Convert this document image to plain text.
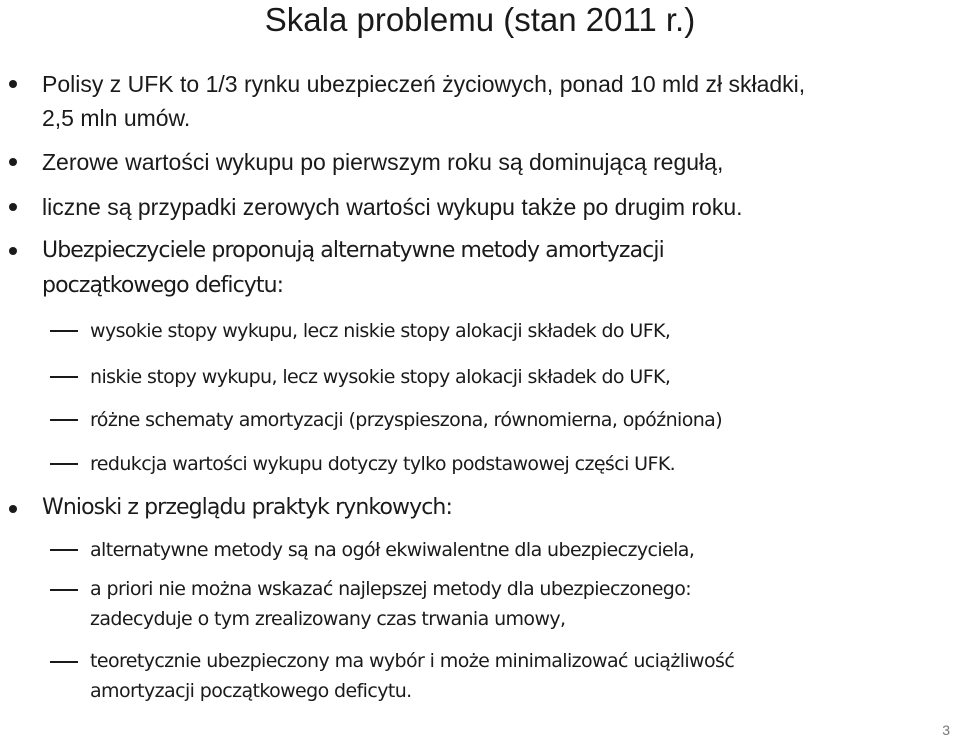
Skala problemu (stan 2011 r.)
Polisy z UFK to 1/3 rynku ubezpieczeń życiowych, ponad 10 mld zł składki,
2,5 mln umów.
Zerowe wartości wykupu po pierwszym roku są dominującą regułą,
liczne są przypadki zerowych wartości wykupu także po drugim roku.
Ubezpieczyciele proponują alternatywne metody amortyzacji
początkowego deficytu:
wysokie stopy wykupu, lecz niskie stopy alokacji składek do UFK,
niskie stopy wykupu, lecz wysokie stopy alokacji składek do UFK,
różne schematy amortyzacji (przyspieszona, równomierna, opóźniona)
redukcja wartości wykupu dotyczy tylko podstawowej części UFK.
Wnioski z przeglądu praktyk rynkowych:
alternatywne metody są na ogół ekwiwalentne dla ubezpieczyciela,
a priori nie można wskazać najlepszej metody dla ubezpieczonego:
zadecyduje o tym zrealizowany czas trwania umowy,
teoretycznie ubezpieczony ma wybór i może minimalizować uciążliwość
amortyzacji początkowego deficytu.
3
